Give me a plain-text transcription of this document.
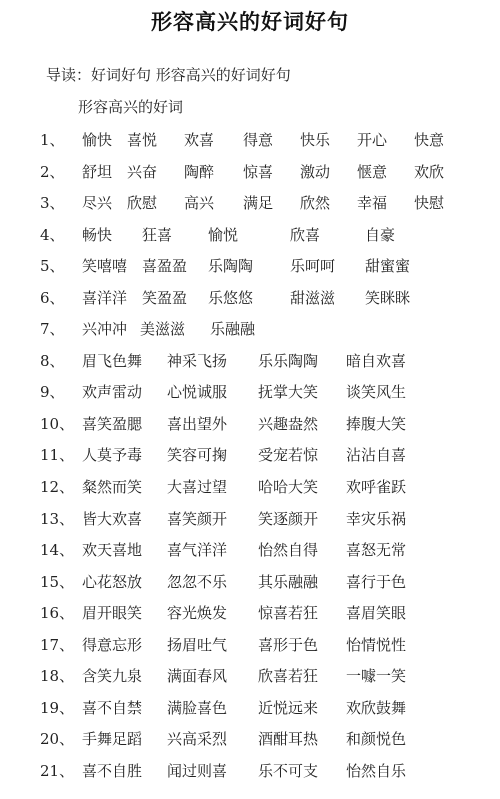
形容高兴的好词好句
导读：好词好句 形容高兴的好词好句
形容高兴的好词
1、 愉快 喜悦 欢喜 得意 快乐 开心 快意
2、 舒坦 兴奋 陶醉 惊喜 激动 惬意 欢欣
3、 尽兴 欣慰 高兴 满足 欣然 幸福 快慰
4、 畅快 狂喜 愉悦	欣喜	自豪
5、 笑嘻嘻 喜盈盈 乐陶陶 乐呵呵 甜蜜蜜
6、 喜洋洋 笑盈盈 乐悠悠 甜滋滋 笑眯眯
7、 兴冲冲 美滋滋 乐融融
8、 眉飞色舞 神采飞扬 乐乐陶陶 暗自欢喜
9、 欢声雷动 心悦诚服 抚掌大笑 谈笑风生
10、 喜笑盈腮 喜出望外 兴趣盎然 捧腹大笑
11、 人莫予毒 笑容可掬 受宠若惊 沾沾自喜
12、 粲然而笑 大喜过望 哈哈大笑 欢呼雀跃
13、 皆大欢喜 喜笑颜开 笑逐颜开 幸灾乐祸
14、 欢天喜地 喜气洋洋 怡然自得 喜怒无常
15、 心花怒放 忽忽不乐 其乐融融 喜行于色
16、 眉开眼笑 容光焕发 惊喜若狂 喜眉笑眼
17、 得意忘形 扬眉吐气 喜形于色 怡情悦性
18、 含笑九泉 满面春风 欣喜若狂 一噱一笑
19、 喜不自禁 满脸喜色 近悦远来 欢欣鼓舞
20、 手舞足蹈 兴高采烈 酒酣耳热 和颜悦色
21、 喜不自胜 闻过则喜 乐不可支 怡然自乐
